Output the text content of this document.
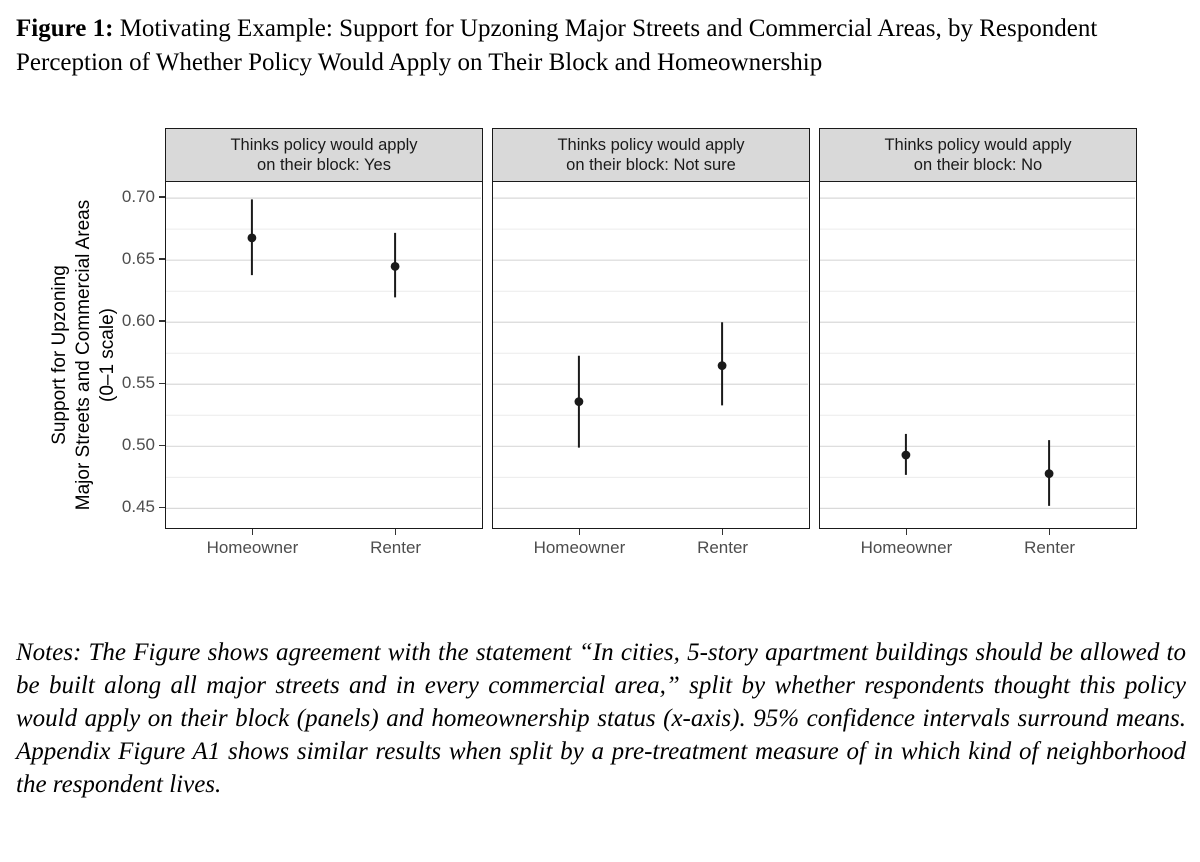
Figure 1: Motivating Example: Support for Upzoning Major Streets and Commercial Areas, by Respondent Perception of Whether Policy Would Apply on Their Block and Homeownership
Support for Upzoning Major Streets and Commercial Areas (0–1 scale)
0.70
0.65
0.60
0.55
0.50
0.45
Thinks policy would apply
on their block: Yes
Homeowner	Renter
Thinks policy would apply
on their block: Not sure
Homeowner	Renter
Thinks policy would apply
on their block: No
Homeowner	Renter
Notes: The Figure shows agreement with the statement “In cities, 5-story apartment buildings should be allowed to be built along all major streets and in every commercial area,” split by whether respondents thought this policy would apply on their block (panels) and homeownership status (x-axis). 95% confidence intervals surround means. Appendix Figure A1 shows similar results when split by a pre-treatment measure of in which kind of neighborhood the respondent lives.
